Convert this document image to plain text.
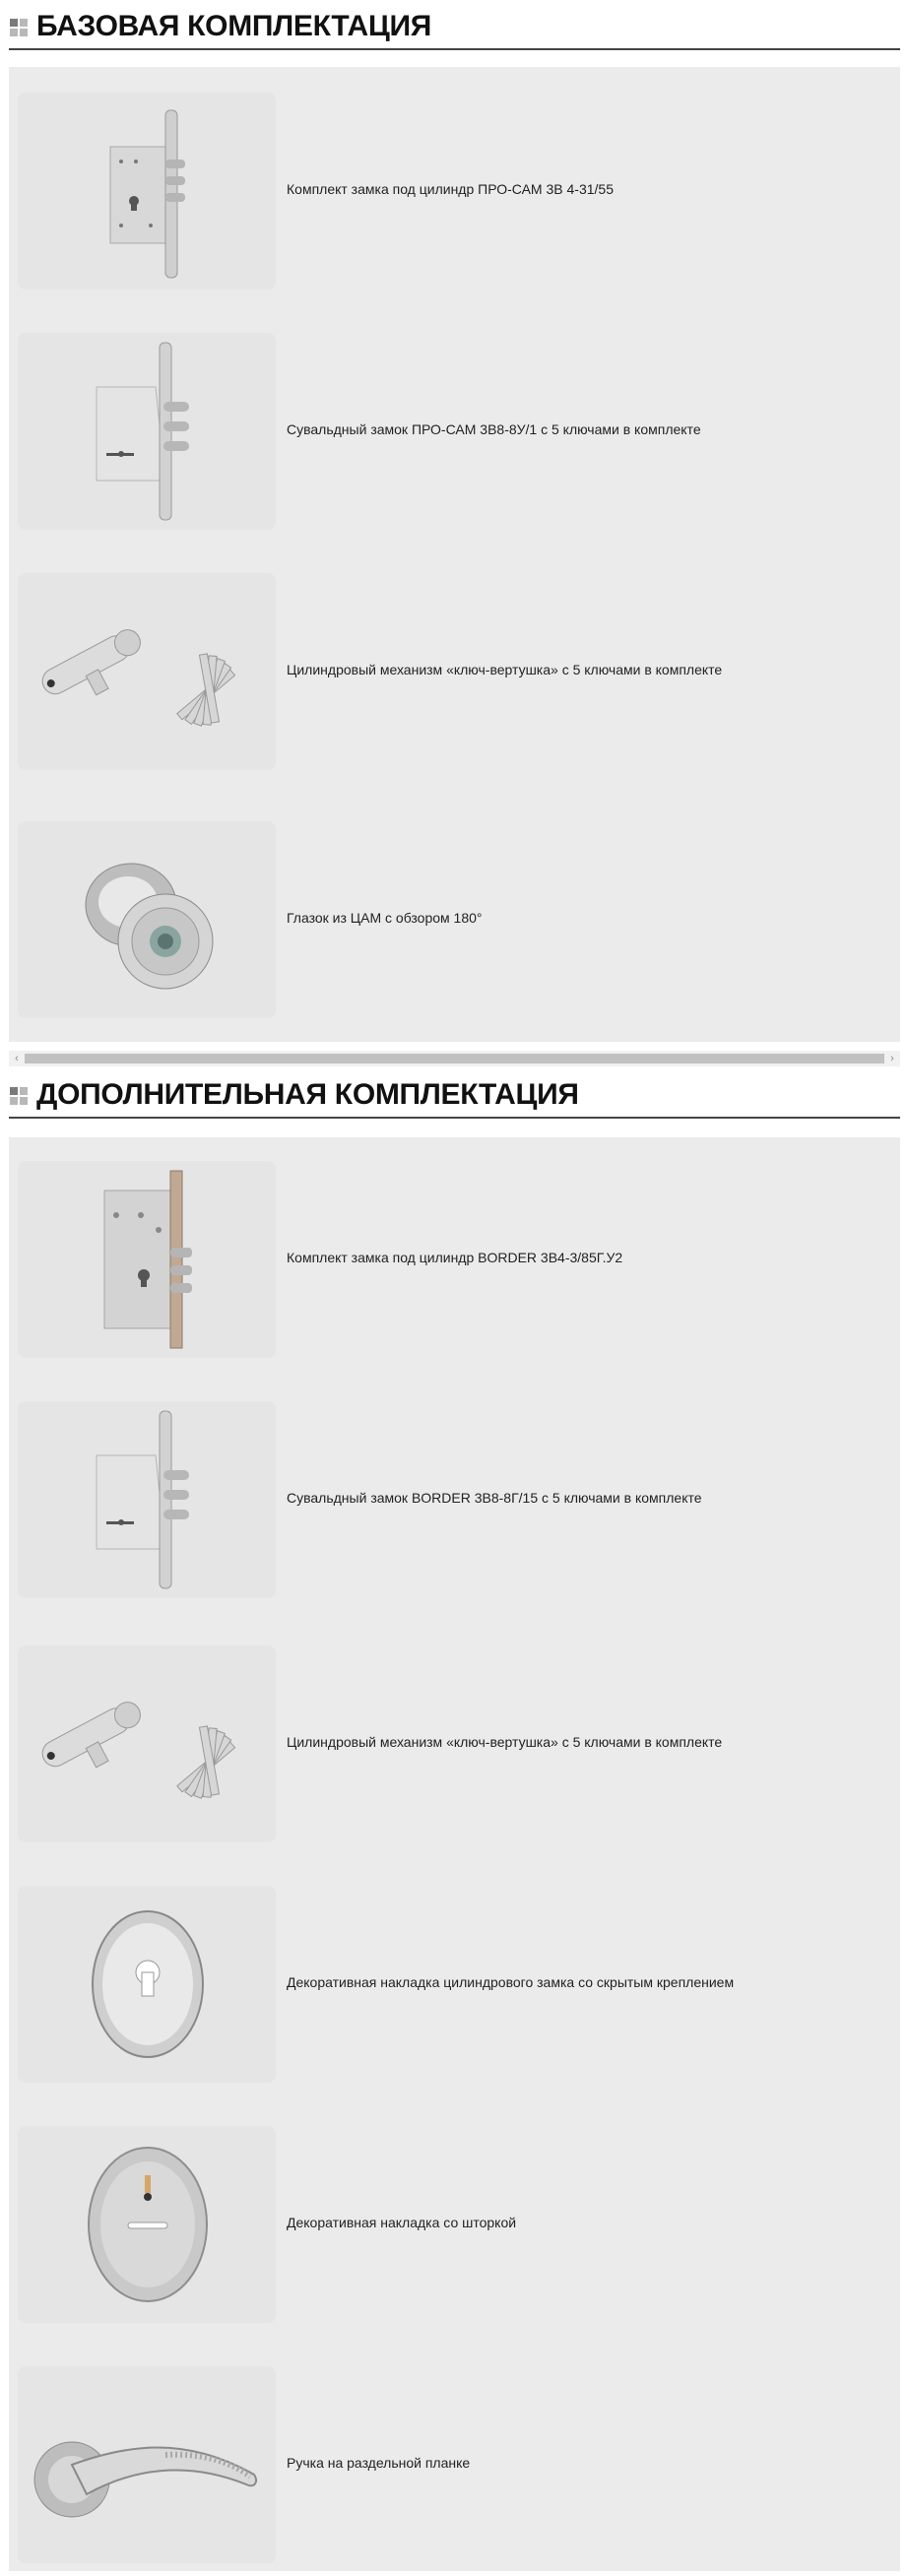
БАЗОВАЯ КОМПЛЕКТАЦИЯ
Комплект замка под цилиндр ПРО-САМ 3В 4-31/55
Сувальдный замок ПРО-САМ 3В8-8У/1 с 5 ключами в комплекте
Цилиндровый механизм «ключ-вертушка» с 5 ключами в комплекте
Глазок из ЦАМ с обзором 180°
‹	›
ДОПОЛНИТЕЛЬНАЯ КОМПЛЕКТАЦИЯ
Комплект замка под цилиндр BORDER 3В4-3/85Г.У2
Сувальдный замок BORDER 3В8-8Г/15 с 5 ключами в комплекте
Цилиндровый механизм «ключ-вертушка» с 5 ключами в комплекте
Декоративная накладка цилиндрового замка со скрытым креплением
Декоративная накладка со шторкой
Ручка на раздельной планке
